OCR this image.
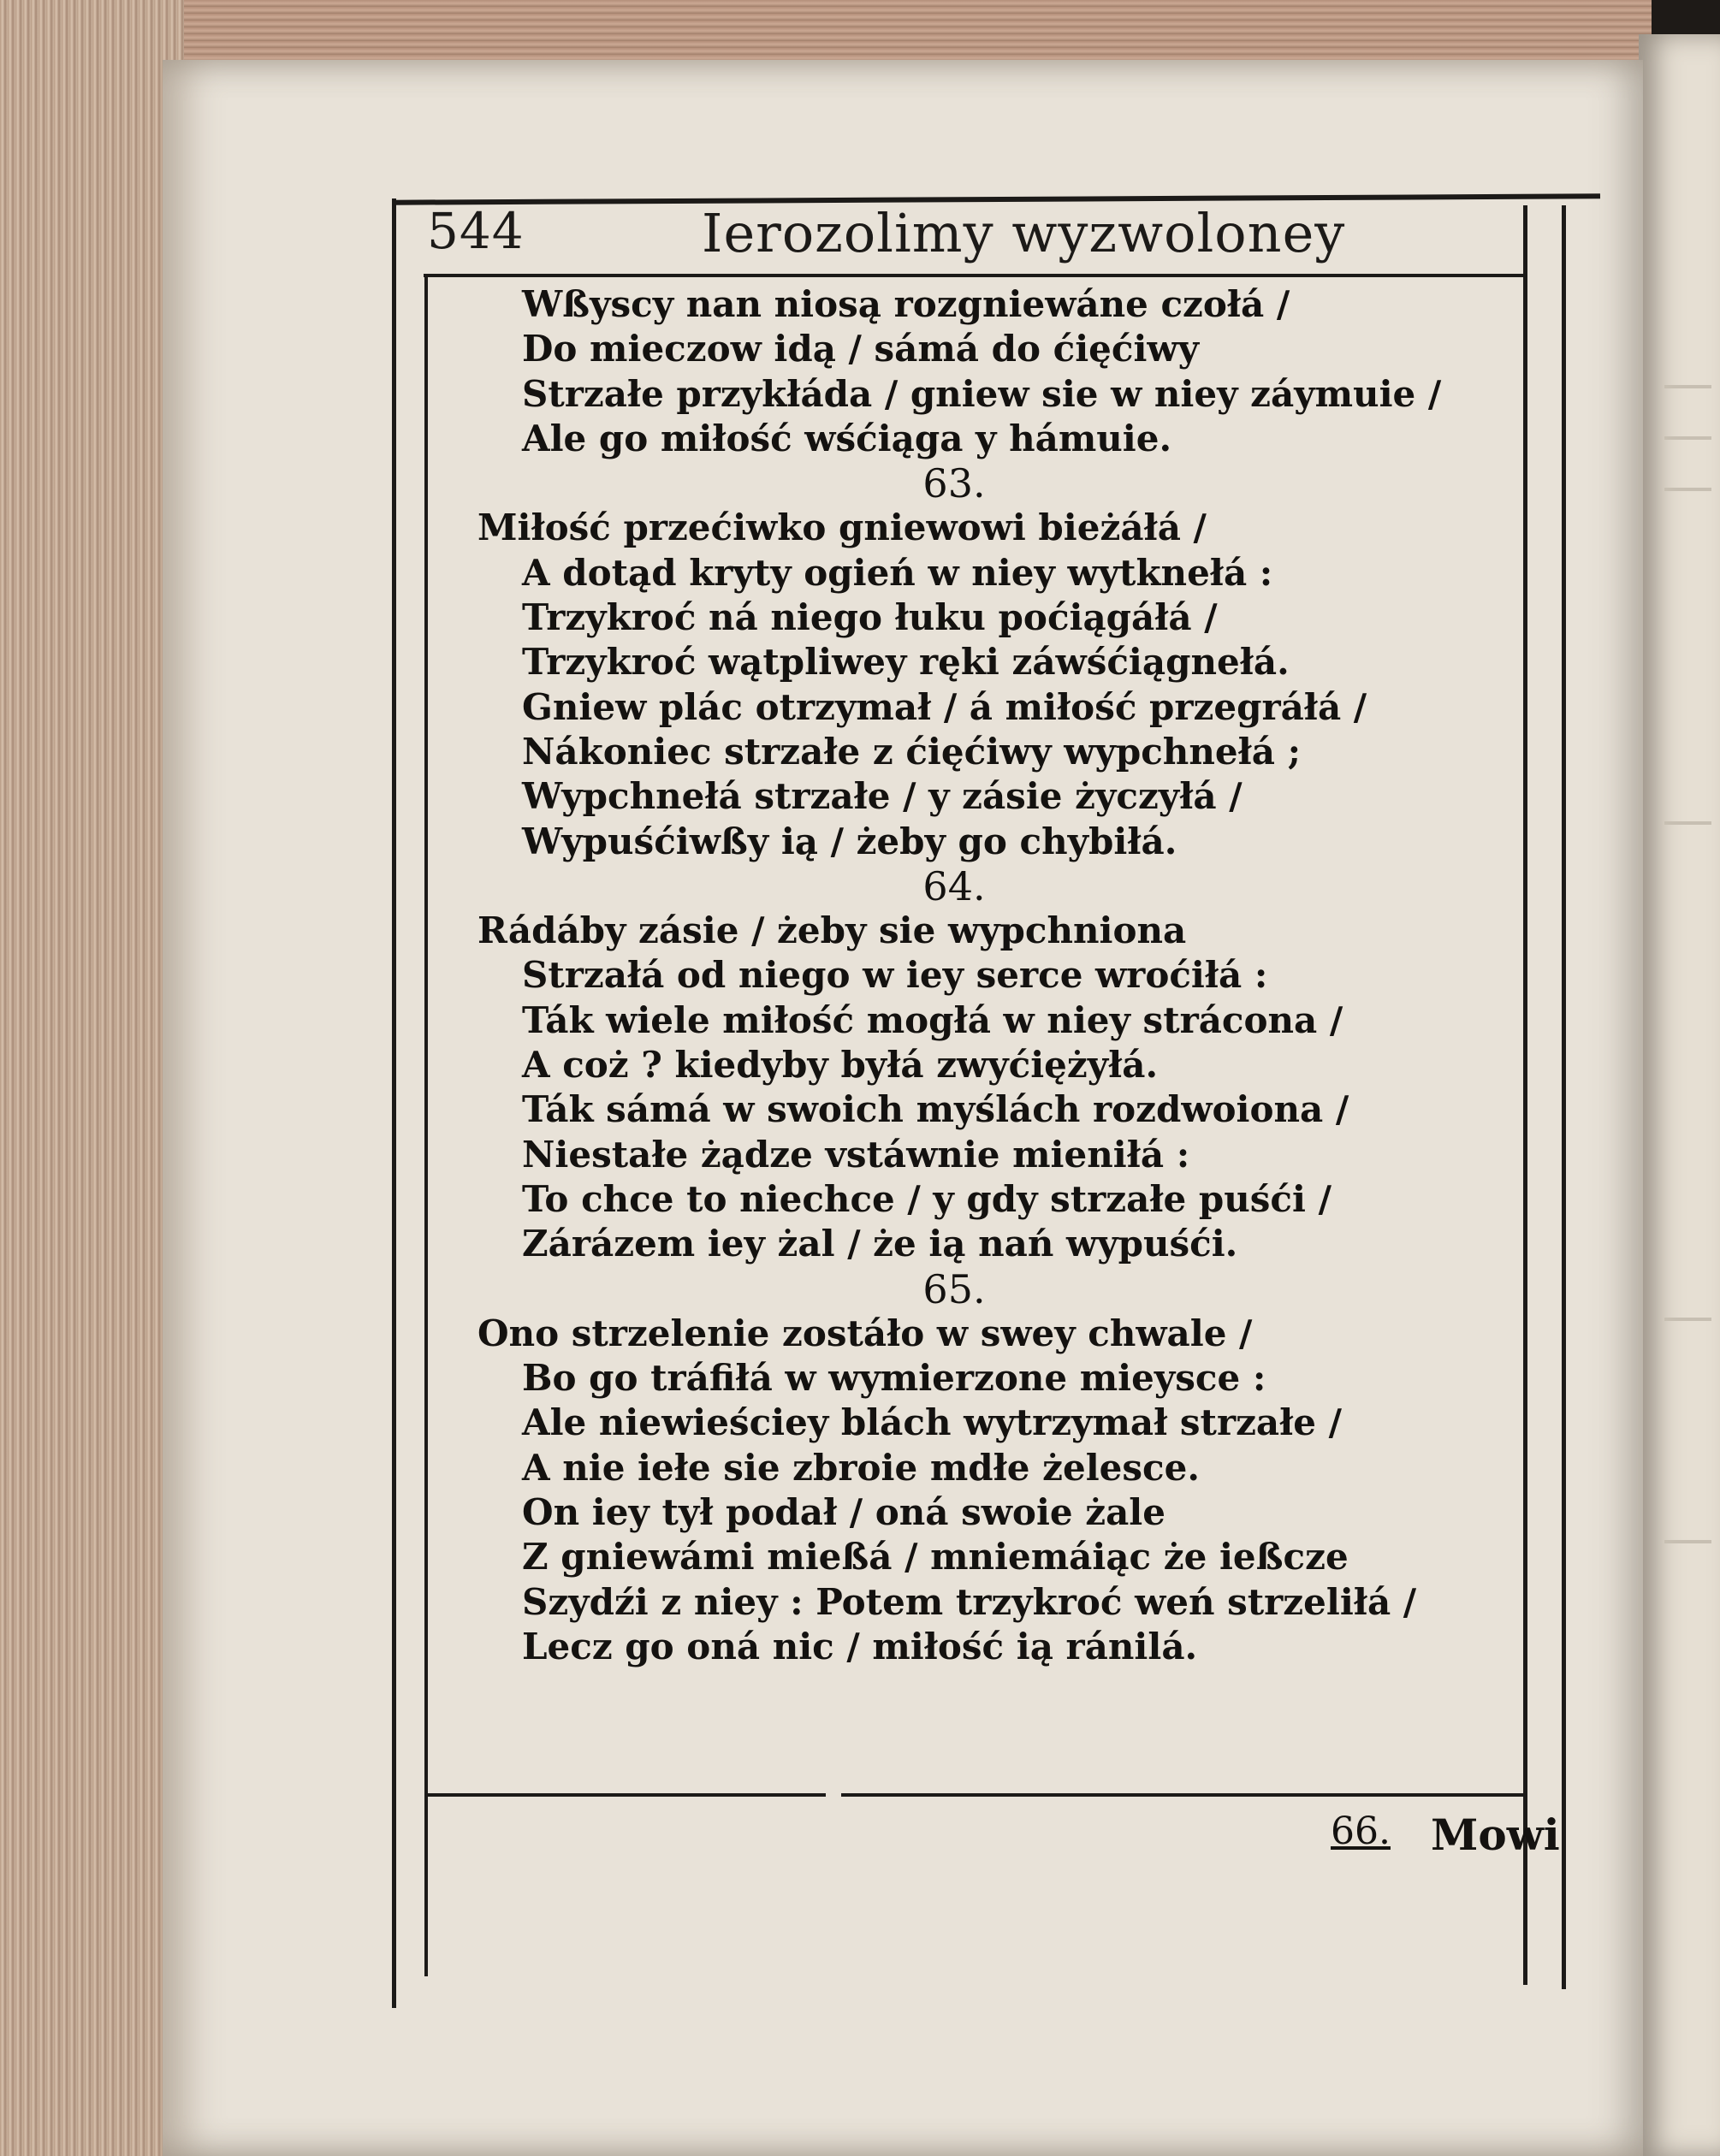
544	Ierozolimy wyzwoloney
Wßyscy nan niosą rozgniewáne czołá /
Do mieczow idą / sámá do ćięćiwy
Strzałe przykłáda / gniew sie w niey záymuie /
Ale go miłość wśćiąga y hámuie.
63.
Miłość przećiwko gniewowi bieżáłá /
A dotąd kryty ogień w niey wytknełá :
Trzykroć ná niego łuku poćiągáłá /
Trzykroć wątpliwey ręki záwśćiągnełá.
Gniew plác otrzymał / á miłość przegráłá /
Nákoniec strzałe z ćięćiwy wypchnełá ;
Wypchnełá strzałe / y zásie życzyłá /
Wypuśćiwßy ią / żeby go chybiłá.
64.
Rádáby zásie / żeby sie wypchniona
Strzałá od niego w iey serce wroćiłá :
Ták wiele miłość mogłá w niey strácona /
A coż ? kiedyby byłá zwyćiężyłá.
Ták sámá w swoich myślách rozdwoiona /
Niestałe żądze vstáwnie mieniłá :
To chce to niechce / y gdy strzałe puśći /
Zárázem iey żal / że ią nań wypuśći.
65.
Ono strzelenie zostáło w swey chwale /
Bo go tráfiłá w wymierzone mieysce :
Ale niewieściey blách wytrzymał strzałe /
A nie iełe sie zbroie mdłe żelesce.
On iey tył podał / oná swoie żale
Z gniewámi mießá / mniemáiąc że ießcze
Szydźi z niey : Potem trzykroć weń strzeliłá /
Lecz go oná nic / miłość ią ránilá.
66. Mowi
